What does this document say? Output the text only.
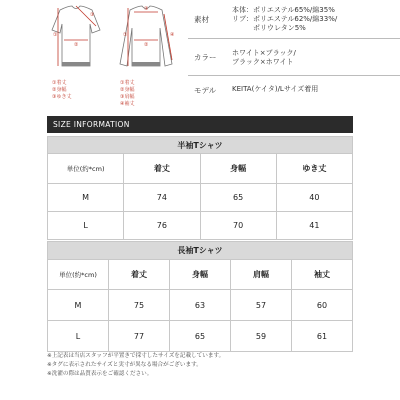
①
②
③
①
②
③
④
①着丈
②身幅
③ゆき丈
①着丈
②身幅
③肩幅
④袖丈
素材
本体：ポリエステル65%/綿35%
リブ：ポリエステル62%/綿33%/
　　　ポリウレタン5%
カラー	ホワイト×ブラック/
ブラック×ホワイト
モデル	KEITA(ケイタ)/Lサイズ着用
SIZE INFORMATION
半袖Tシャツ			
単位(約*cm)	着丈	身幅	ゆき丈
M	74	65	40
L	76	70	41
長袖Tシャツ				
単位(約*cm)	着丈	身幅	肩幅	袖丈
M	75	63	57	60
L	77	65	59	61
※上記表は当店スタッフが平置きで採寸したサイズを記載しています。
※タグに表示されたサイズと実寸が異なる場合がございます。
※洗濯の際は品質表示をご確認ください。
